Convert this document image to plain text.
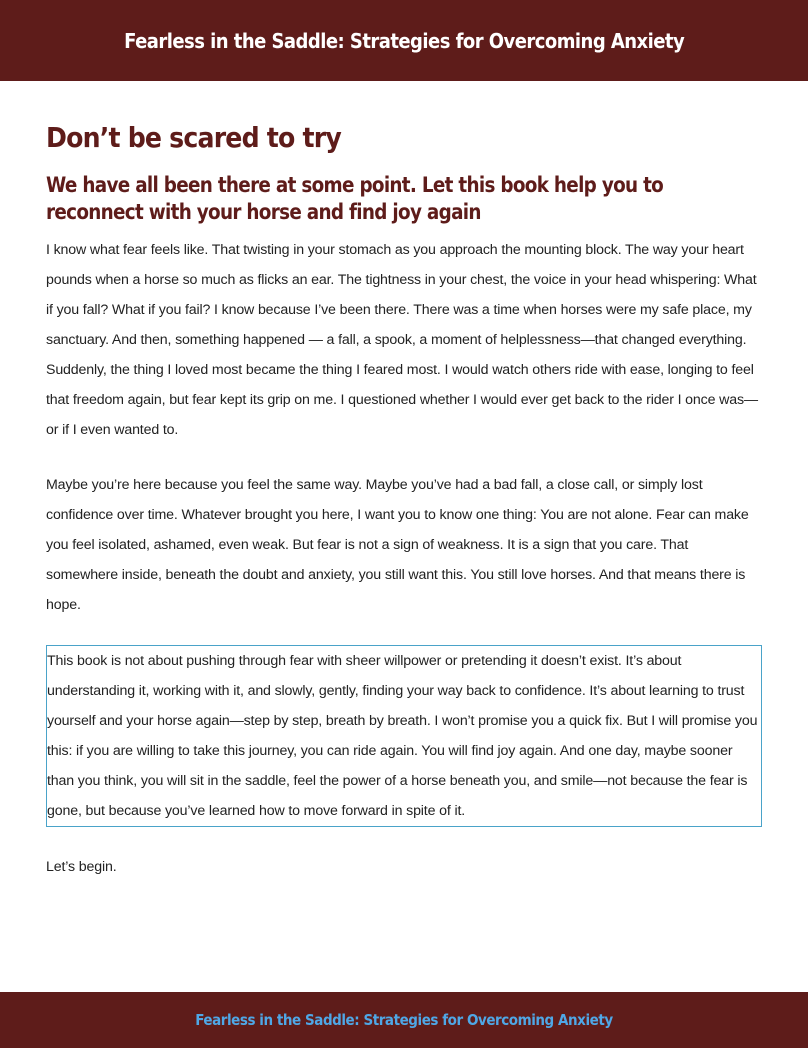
Fearless in the Saddle: Strategies for Overcoming Anxiety
Don’t be scared to try
We have all been there at some point. Let this book help you to reconnect with your horse and find joy again

I know what fear feels like. That twisting in your stomach as you approach the mounting block. The way your heart pounds when a horse so much as flicks an ear. The tightness in your chest, the voice in your head whispering: What if you fall? What if you fail? I know because I’ve been there. There was a time when horses were my safe place, my sanctuary. And then, something happened — a fall, a spook, a moment of helplessness—that changed everything. Suddenly, the thing I loved most became the thing I feared most. I would watch others ride with ease, longing to feel that freedom again, but fear kept its grip on me. I questioned whether I would ever get back to the rider I once was—or if I even wanted to.

Maybe you’re here because you feel the same way. Maybe you’ve had a bad fall, a close call, or simply lost confidence over time. Whatever brought you here, I want you to know one thing: You are not alone. Fear can make you feel isolated, ashamed, even weak. But fear is not a sign of weakness. It is a sign that you care. That somewhere inside, beneath the doubt and anxiety, you still want this. You still love horses. And that means there is hope.

This book is not about pushing through fear with sheer willpower or pretending it doesn’t exist. It’s about understanding it, working with it, and slowly, gently, finding your way back to confidence. It’s about learning to trust yourself and your horse again—step by step, breath by breath. I won’t promise you a quick fix. But I will promise you this: if you are willing to take this journey, you can ride again. You will find joy again. And one day, maybe sooner than you think, you will sit in the saddle, feel the power of a horse beneath you, and smile—not because the fear is gone, but because you’ve learned how to move forward in spite of it.

Let’s begin.

Fearless in the Saddle: Strategies for Overcoming Anxiety
